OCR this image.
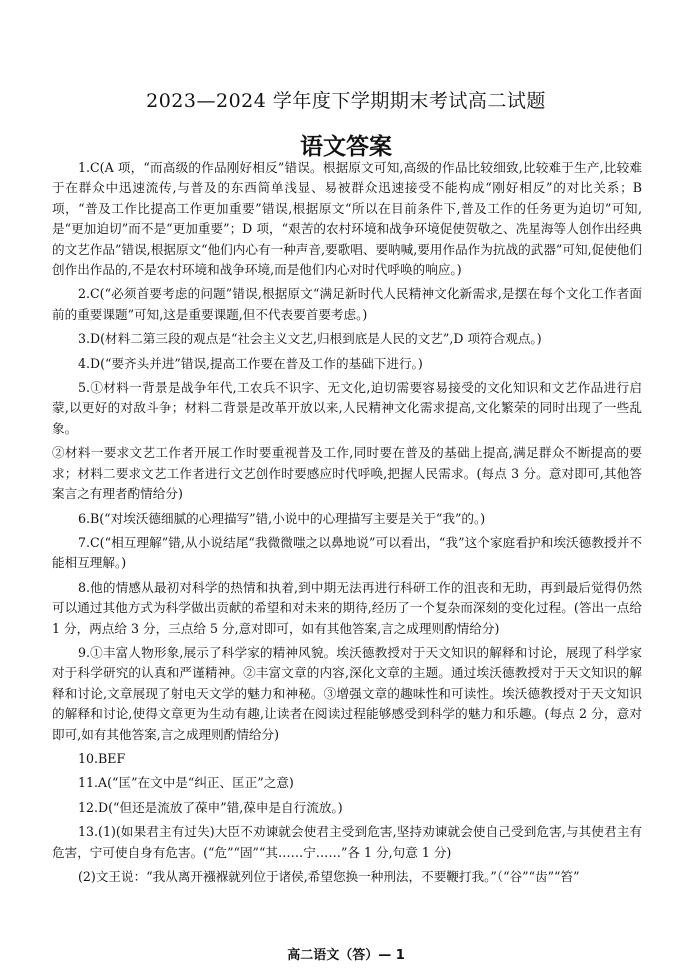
2023—2024 学年度下学期期末考试高二试题
语文答案

1.C(A 项，“而高级的作品刚好相反”错误。根据原文可知,高级的作品比较细致,比较难于生产,比较难于在群众中迅速流传,与普及的东西简单浅显、易被群众迅速接受不能构成“刚好相反”的对比关系；B 项，“普及工作比提高工作更加重要”错误,根据原文“所以在目前条件下,普及工作的任务更为迫切”可知,是“更加迫切”而不是“更加重要”；D 项，“艰苦的农村环境和战争环境促使贺敬之、冼星海等人创作出经典的文艺作品”错误,根据原文“他们内心有一种声音,要歌唱、要呐喊,要用作品作为抗战的武器”可知,促使他们创作出作品的,不是农村环境和战争环境,而是他们内心对时代呼唤的响应。)

2.C(“必须首要考虑的问题”错误,根据原文“满足新时代人民精神文化新需求,是摆在每个文化工作者面前的重要课题”可知,这是重要课题,但不代表要首要考虑。)

3.D(材料二第三段的观点是“社会主义文艺,归根到底是人民的文艺”,D 项符合观点。)

4.D(“要齐头并进”错误,提高工作要在普及工作的基础下进行。)

5.①材料一背景是战争年代,工农兵不识字、无文化,迫切需要容易接受的文化知识和文艺作品进行启蒙,以更好的对敌斗争；材料二背景是改革开放以来,人民精神文化需求提高,文化繁荣的同时出现了一些乱象。

②材料一要求文艺工作者开展工作时要重视普及工作,同时要在普及的基础上提高,满足群众不断提高的要求；材料二要求文艺工作者进行文艺创作时要感应时代呼唤,把握人民需求。(每点 3 分。意对即可,其他答案言之有理者酌情给分)

6.B(“对埃沃德细腻的心理描写”错,小说中的心理描写主要是关于“我”的。)

7.C(“相互理解”错,从小说结尾“我微微嗤之以鼻地说”可以看出，“我”这个家庭看护和埃沃德教授并不能相互理解。)

8.他的情感从最初对科学的热情和执着,到中期无法再进行科研工作的沮丧和无助，再到最后觉得仍然可以通过其他方式为科学做出贡献的希望和对未来的期待,经历了一个复杂而深刻的变化过程。(答出一点给 1 分，两点给 3 分，三点给 5 分,意对即可，如有其他答案,言之成理则酌情给分)

9.①丰富人物形象,展示了科学家的精神风貌。埃沃德教授对于天文知识的解释和讨论，展现了科学家对于科学研究的认真和严谨精神。②丰富文章的内容,深化文章的主题。通过埃沃德教授对于天文知识的解释和讨论,文章展现了射电天文学的魅力和神秘。③增强文章的趣味性和可读性。埃沃德教授对于天文知识的解释和讨论,使得文章更为生动有趣,让读者在阅读过程能够感受到科学的魅力和乐趣。(每点 2 分，意对即可,如有其他答案,言之成理则酌情给分)

10.BEF

11.A(“匡”在文中是“纠正、匡正”之意)

12.D(“但还是流放了葆申”错,葆申是自行流放。)

13.(1)(如果君主有过失)大臣不劝谏就会使君主受到危害,坚持劝谏就会使自己受到危害,与其使君主有危害，宁可使自身有危害。(“危”“固”“其……宁……”各 1 分,句意 1 分)

(2)文王说：“我从离开襁褓就列位于诸侯,希望您换一种刑法，不要鞭打我。”（“谷”“齿”“笞”

高二语文（答）— 1
